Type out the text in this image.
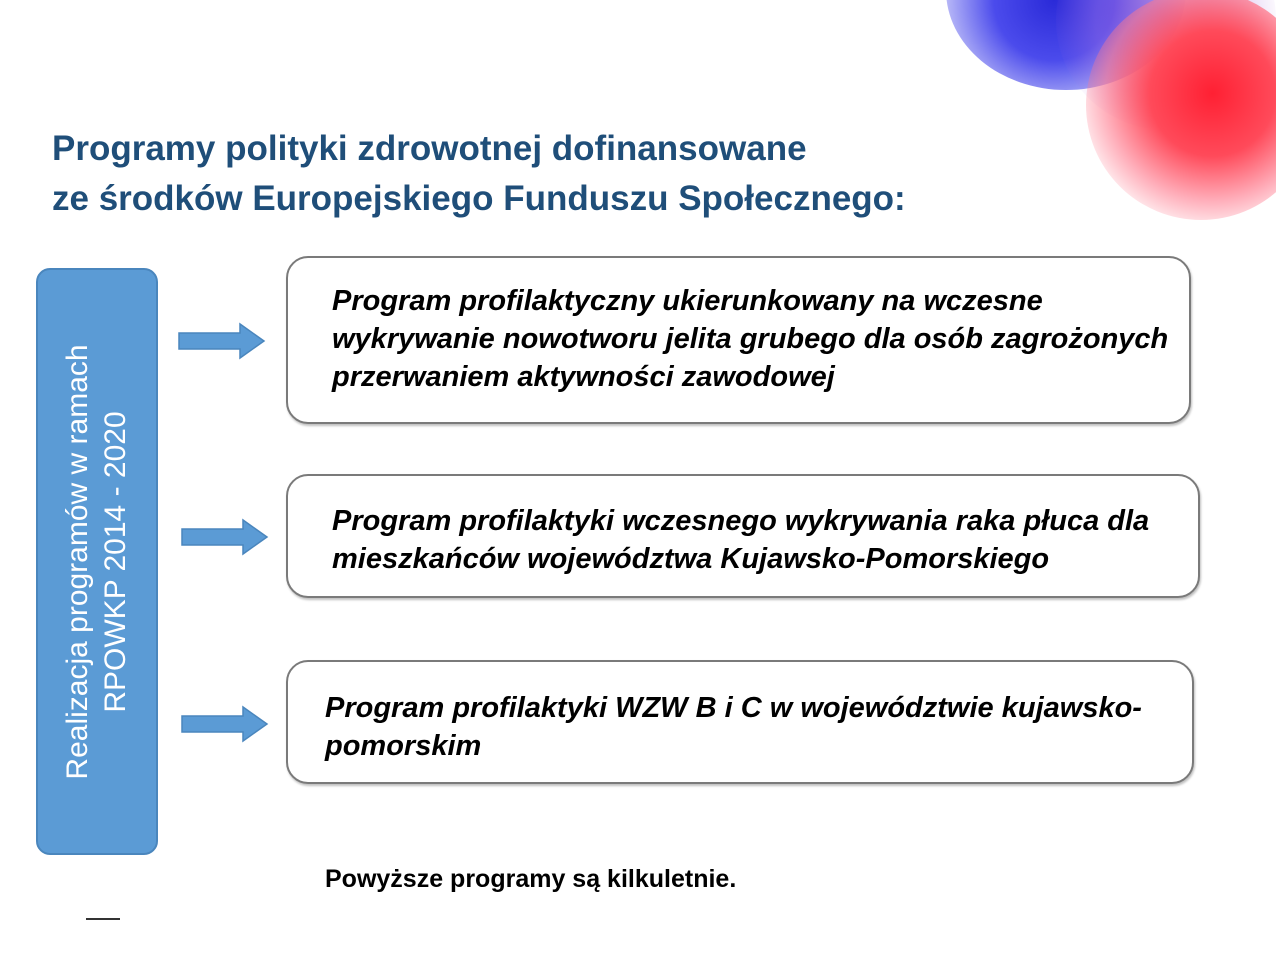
Programy polityki zdrowotnej dofinansowane
ze środków Europejskiego Funduszu Społecznego:
Realizacja programów w ramach RPOWKP 2014 - 2020

Program profilaktyczny ukierunkowany na wczesne
wykrywanie nowotworu jelita grubego dla osób zagrożonych
przerwaniem aktywności zawodowej

Program profilaktyki wczesnego wykrywania raka płuca dla
mieszkańców województwa Kujawsko-Pomorskiego

Program profilaktyki WZW B i C w województwie kujawsko-
pomorskim

Powyższe programy są kilkuletnie.
